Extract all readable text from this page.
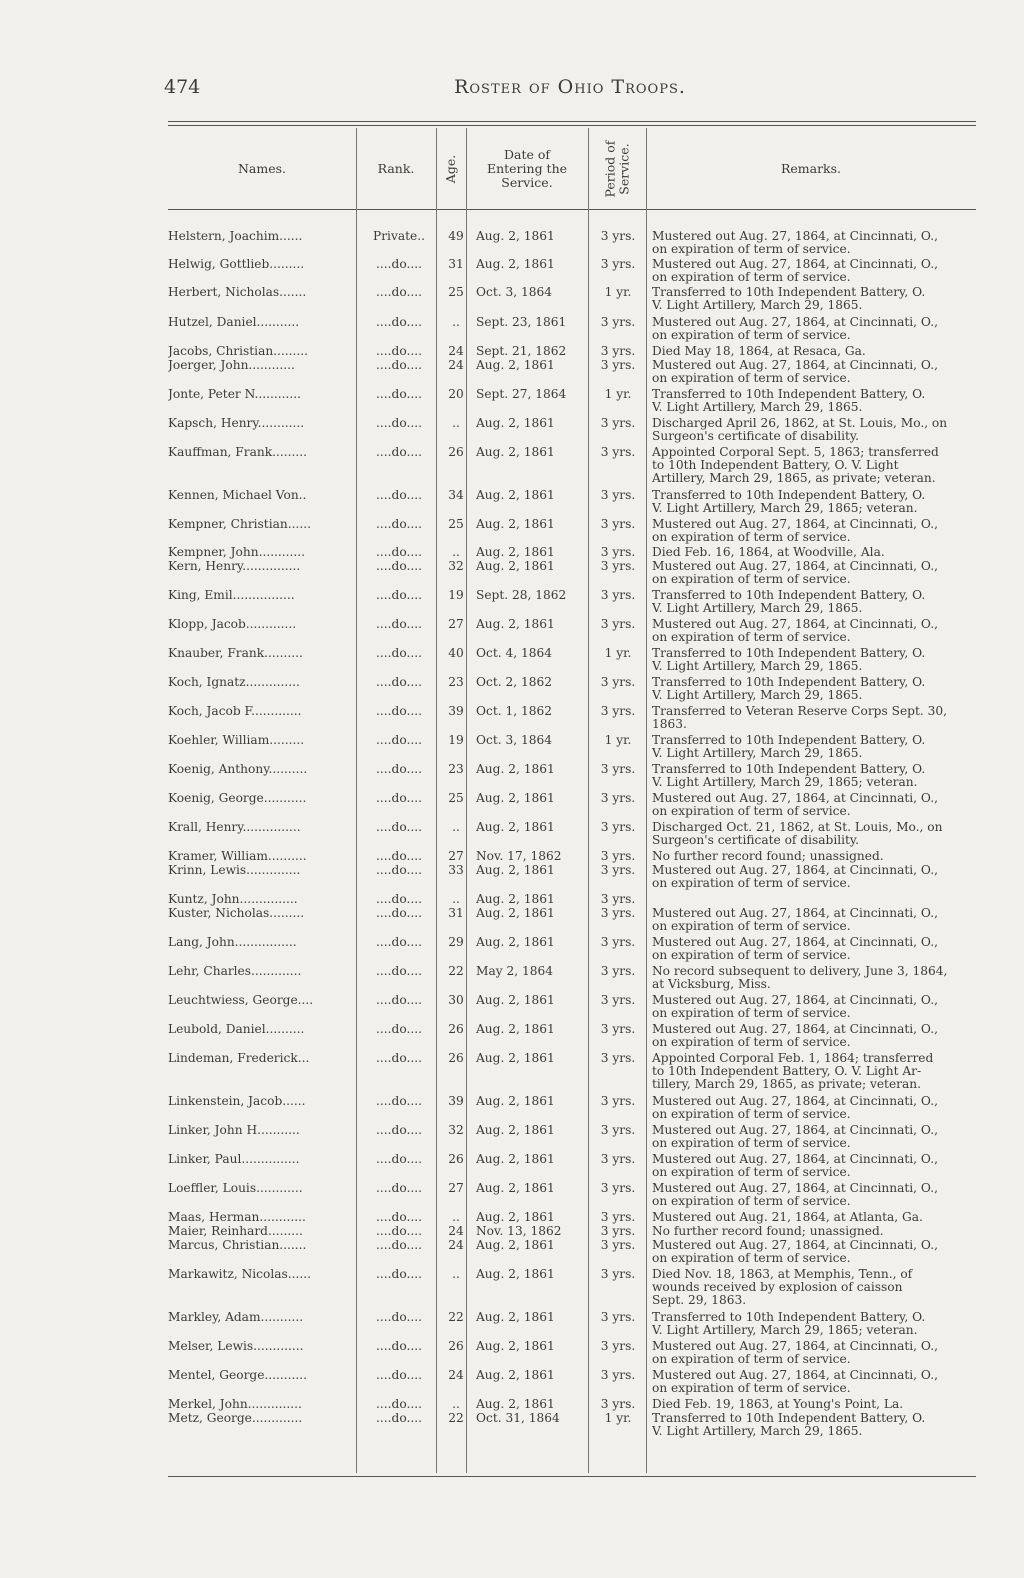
474	Roster of Ohio Troops.
Names.	Rank.	Age.
Date of
Entering the
Service.	Period of
Service.	Remarks.
Helstern, Joachim......	Private..	49	Aug. 2, 1861	3 yrs.	Mustered out Aug. 27, 1864, at Cincinnati, O.,
on expiration of term of service.
Helwig, Gottlieb.........	....do....	31	Aug. 2, 1861	3 yrs.	Mustered out Aug. 27, 1864, at Cincinnati, O.,
on expiration of term of service.
Herbert, Nicholas.......	....do....	25	Oct. 3, 1864	1 yr.	Transferred to 10th Independent Battery, O.
V. Light Artillery, March 29, 1865.
Hutzel, Daniel...........	....do....	..	Sept. 23, 1861	3 yrs.	Mustered out Aug. 27, 1864, at Cincinnati, O.,
on expiration of term of service.
Jacobs, Christian.........	....do....	24	Sept. 21, 1862	3 yrs.	Died May 18, 1864, at Resaca, Ga.
Joerger, John............	....do....	24	Aug. 2, 1861	3 yrs.	Mustered out Aug. 27, 1864, at Cincinnati, O.,
on expiration of term of service.
Jonte, Peter N............	....do....	20	Sept. 27, 1864	1 yr.	Transferred to 10th Independent Battery, O.
V. Light Artillery, March 29, 1865.
Kapsch, Henry............	....do....	..	Aug. 2, 1861	3 yrs.	Discharged April 26, 1862, at St. Louis, Mo., on
Surgeon's certificate of disability.
Kauffman, Frank.........	....do....	26	Aug. 2, 1861	3 yrs.	Appointed Corporal Sept. 5, 1863; transferred
to 10th Independent Battery, O. V. Light
Artillery, March 29, 1865, as private; veteran.
Kennen, Michael Von..	....do....	34	Aug. 2, 1861	3 yrs.	Transferred to 10th Independent Battery, O.
V. Light Artillery, March 29, 1865; veteran.
Kempner, Christian......	....do....	25	Aug. 2, 1861	3 yrs.	Mustered out Aug. 27, 1864, at Cincinnati, O.,
on expiration of term of service.
Kempner, John............	....do....	..	Aug. 2, 1861	3 yrs.	Died Feb. 16, 1864, at Woodville, Ala.
Kern, Henry...............	....do....	32	Aug. 2, 1861	3 yrs.	Mustered out Aug. 27, 1864, at Cincinnati, O.,
on expiration of term of service.
King, Emil................	....do....	19	Sept. 28, 1862	3 yrs.	Transferred to 10th Independent Battery, O.
V. Light Artillery, March 29, 1865.
Klopp, Jacob.............	....do....	27	Aug. 2, 1861	3 yrs.	Mustered out Aug. 27, 1864, at Cincinnati, O.,
on expiration of term of service.
Knauber, Frank..........	....do....	40	Oct. 4, 1864	1 yr.	Transferred to 10th Independent Battery, O.
V. Light Artillery, March 29, 1865.
Koch, Ignatz..............	....do....	23	Oct. 2, 1862	3 yrs.	Transferred to 10th Independent Battery, O.
V. Light Artillery, March 29, 1865.
Koch, Jacob F.............	....do....	39	Oct. 1, 1862	3 yrs.	Transferred to Veteran Reserve Corps Sept. 30,
1863.
Koehler, William.........	....do....	19	Oct. 3, 1864	1 yr.	Transferred to 10th Independent Battery, O.
V. Light Artillery, March 29, 1865.
Koenig, Anthony..........	....do....	23	Aug. 2, 1861	3 yrs.	Transferred to 10th Independent Battery, O.
V. Light Artillery, March 29, 1865; veteran.
Koenig, George...........	....do....	25	Aug. 2, 1861	3 yrs.	Mustered out Aug. 27, 1864, at Cincinnati, O.,
on expiration of term of service.
Krall, Henry...............	....do....	..	Aug. 2, 1861	3 yrs.	Discharged Oct. 21, 1862, at St. Louis, Mo., on
Surgeon's certificate of disability.
Kramer, William..........	....do....	27	Nov. 17, 1862	3 yrs.	No further record found; unassigned.
Krinn, Lewis..............	....do....	33	Aug. 2, 1861	3 yrs.	Mustered out Aug. 27, 1864, at Cincinnati, O.,
on expiration of term of service.
Kuntz, John...............	....do....	..	Aug. 2, 1861	3 yrs.
Kuster, Nicholas.........	....do....	31	Aug. 2, 1861	3 yrs.	Mustered out Aug. 27, 1864, at Cincinnati, O.,
on expiration of term of service.
Lang, John................	....do....	29	Aug. 2, 1861	3 yrs.	Mustered out Aug. 27, 1864, at Cincinnati, O.,
on expiration of term of service.
Lehr, Charles.............	....do....	22	May 2, 1864	3 yrs.	No record subsequent to delivery, June 3, 1864,
at Vicksburg, Miss.
Leuchtwiess, George....	....do....	30	Aug. 2, 1861	3 yrs.	Mustered out Aug. 27, 1864, at Cincinnati, O.,
on expiration of term of service.
Leubold, Daniel..........	....do....	26	Aug. 2, 1861	3 yrs.	Mustered out Aug. 27, 1864, at Cincinnati, O.,
on expiration of term of service.
Lindeman, Frederick...	....do....	26	Aug. 2, 1861	3 yrs.	Appointed Corporal Feb. 1, 1864; transferred
to 10th Independent Battery, O. V. Light Ar-
tillery, March 29, 1865, as private; veteran.
Linkenstein, Jacob......	....do....	39	Aug. 2, 1861	3 yrs.	Mustered out Aug. 27, 1864, at Cincinnati, O.,
on expiration of term of service.
Linker, John H...........	....do....	32	Aug. 2, 1861	3 yrs.	Mustered out Aug. 27, 1864, at Cincinnati, O.,
on expiration of term of service.
Linker, Paul...............	....do....	26	Aug. 2, 1861	3 yrs.	Mustered out Aug. 27, 1864, at Cincinnati, O.,
on expiration of term of service.
Loeffler, Louis............	....do....	27	Aug. 2, 1861	3 yrs.	Mustered out Aug. 27, 1864, at Cincinnati, O.,
on expiration of term of service.
Maas, Herman............	....do....	..	Aug. 2, 1861	3 yrs.	Mustered out Aug. 21, 1864, at Atlanta, Ga.
Maier, Reinhard.........	....do....	24	Nov. 13, 1862	3 yrs.	No further record found; unassigned.
Marcus, Christian.......	....do....	24	Aug. 2, 1861	3 yrs.	Mustered out Aug. 27, 1864, at Cincinnati, O.,
on expiration of term of service.
Markawitz, Nicolas......	....do....	..	Aug. 2, 1861	3 yrs.	Died Nov. 18, 1863, at Memphis, Tenn., of
wounds received by explosion of caisson
Sept. 29, 1863.
Markley, Adam...........	....do....	22	Aug. 2, 1861	3 yrs.	Transferred to 10th Independent Battery, O.
V. Light Artillery, March 29, 1865; veteran.
Melser, Lewis.............	....do....	26	Aug. 2, 1861	3 yrs.	Mustered out Aug. 27, 1864, at Cincinnati, O.,
on expiration of term of service.
Mentel, George...........	....do....	24	Aug. 2, 1861	3 yrs.	Mustered out Aug. 27, 1864, at Cincinnati, O.,
on expiration of term of service.
Merkel, John..............	....do....	..	Aug. 2, 1861	3 yrs.	Died Feb. 19, 1863, at Young's Point, La.
Metz, George.............	....do....	22	Oct. 31, 1864	1 yr.	Transferred to 10th Independent Battery, O.
V. Light Artillery, March 29, 1865.
